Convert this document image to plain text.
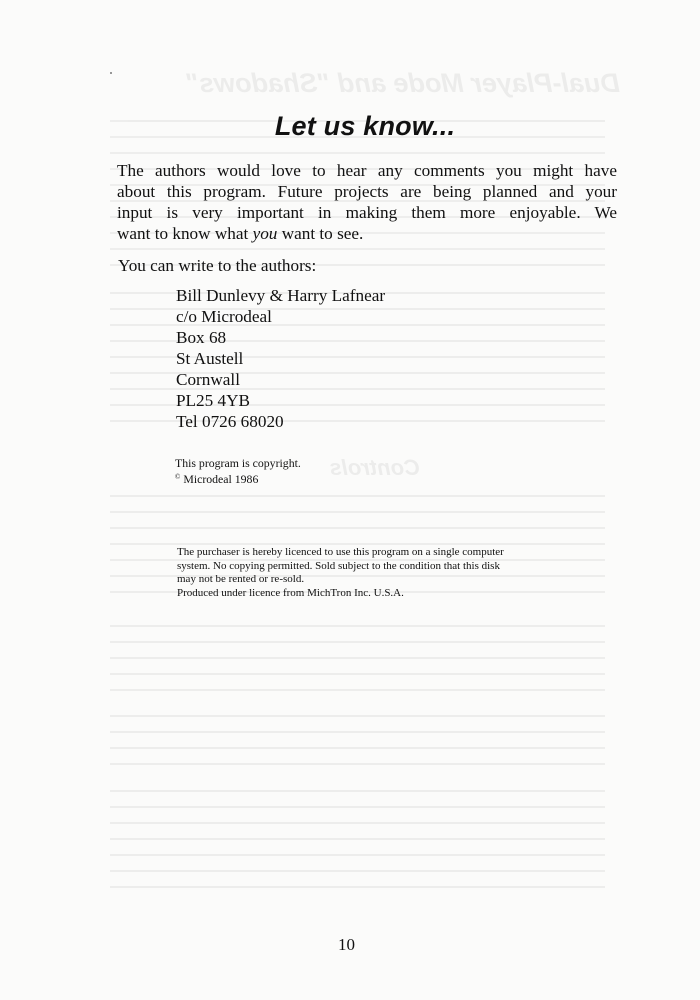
Dual-Player Mode and "Shadows"
Controls
Let us know...

The authors would love to hear any comments you might have
about this program. Future projects are being planned and your
input is very important in making them more enjoyable. We
want to know what you want to see.

You can write to the authors:

Bill Dunlevy & Harry Lafnear
c/o Microdeal
Box 68
St Austell
Cornwall
PL25 4YB
Tel 0726 68020

This program is copyright.
© Microdeal 1986

The purchaser is hereby licenced to use this program on a single computer
system. No copying permitted. Sold subject to the condition that this disk
may not be rented or re-sold.
Produced under licence from MichTron Inc. U.S.A.

10
